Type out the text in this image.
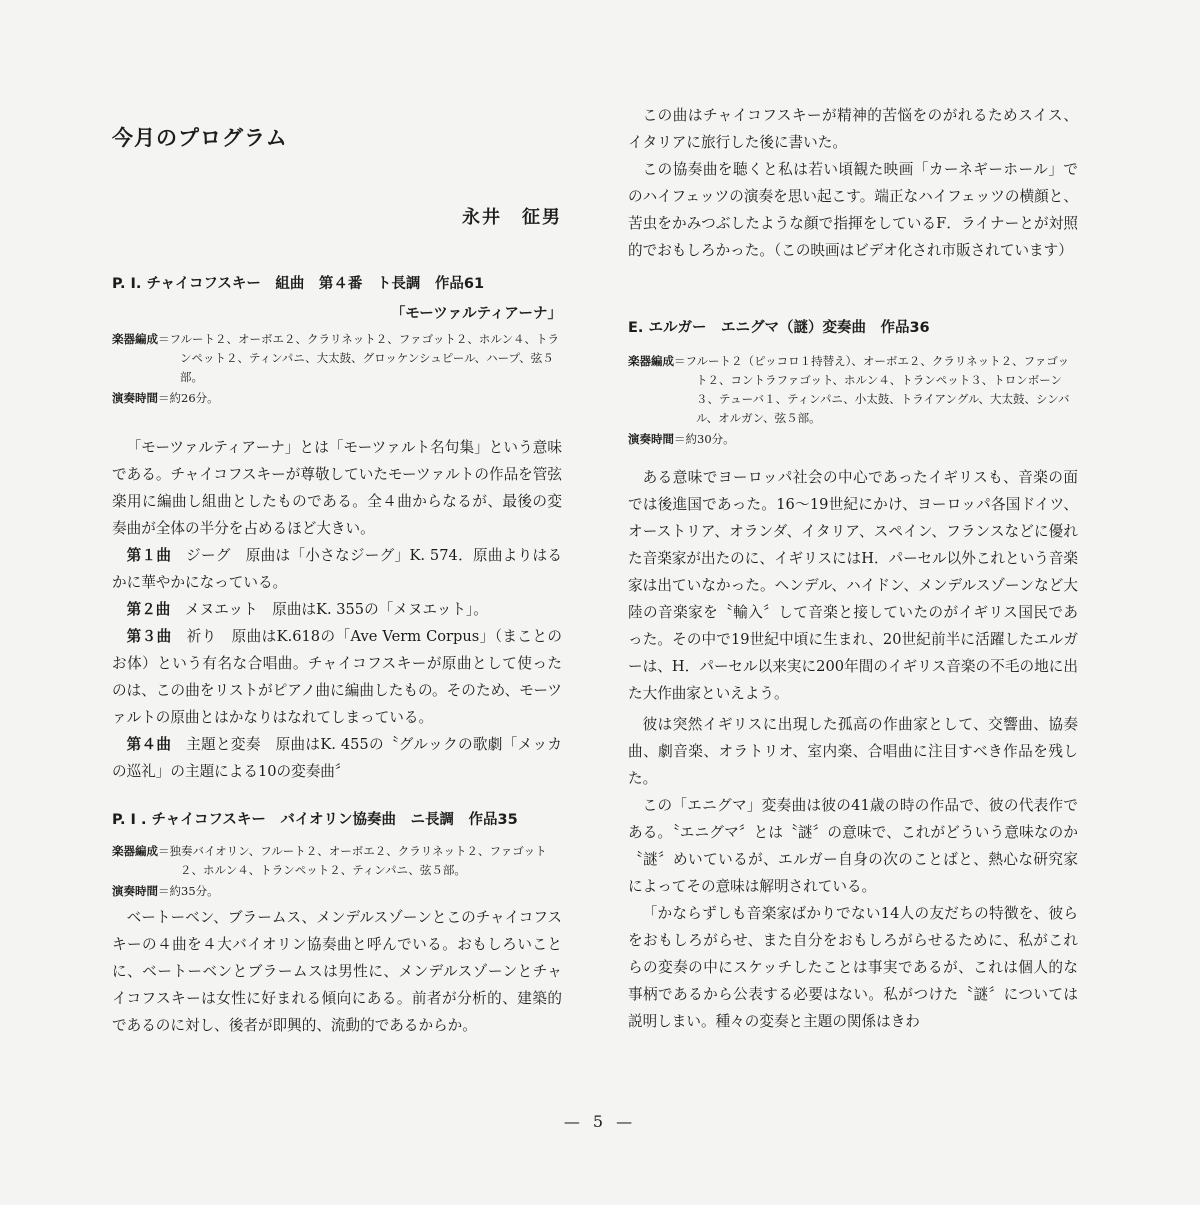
今月のプログラム
永井　征男
P. I. チャイコフスキー　組曲　第４番　ト長調　作品61
「モーツァルティアーナ」
楽器編成＝フルート２、オーボエ２、クラリネット２、ファゴット２、ホルン４、トランペット２、ティンパニ、大太鼓、グロッケンシュピール、ハープ、弦５部。
演奏時間＝約26分。

「モーツァルティアーナ」とは「モーツァルト名句集」という意味である。チャイコフスキーが尊敬していたモーツァルトの作品を管弦楽用に編曲し組曲としたものである。全４曲からなるが、最後の変奏曲が全体の半分を占めるほど大きい。

第１曲　 ジーグ　原曲は「小さなジーグ」K. 574．原曲よりはるかに華やかになっている。

第２曲　 メヌエット　原曲はK. 355の「メヌエット」。

第３曲　 祈り　原曲はK.618の「Ave Verm Corpus」（まことのお体）という有名な合唱曲。チャイコフスキーが原曲として使ったのは、この曲をリストがピアノ曲に編曲したもの。そのため、モーツァルトの原曲とはかなりはなれてしまっている。

第４曲　 主題と変奏　原曲はK. 455の〝グルックの歌劇「メッカの巡礼」の主題による10の変奏曲〞

P. I . チャイコフスキー　バイオリン協奏曲　ニ長調　作品35
楽器編成＝独奏バイオリン、フルート２、オーボエ２、クラリネット２、ファゴット２、ホルン４、トランペット２、ティンパニ、弦５部。
演奏時間＝約35分。

ベートーベン、ブラームス、メンデルスゾーンとこのチャイコフスキーの４曲を４大バイオリン協奏曲と呼んでいる。おもしろいことに、ベートーベンとブラームスは男性に、メンデルスゾーンとチャイコフスキーは女性に好まれる傾向にある。前者が分析的、建築的であるのに対し、後者が即興的、流動的であるからか。

この曲はチャイコフスキーが精神的苦悩をのがれるためスイス、イタリアに旅行した後に書いた。

この協奏曲を聴くと私は若い頃観た映画「カーネギーホール」でのハイフェッツの演奏を思い起こす。端正なハイフェッツの横顔と、苦虫をかみつぶしたような顔で指揮をしているF．ライナーとが対照的でおもしろかった。（この映画はビデオ化され市販されています）

E. エルガー　エニグマ（謎）変奏曲　作品36
楽器編成＝フルート２（ピッコロ１持替え）、オーボエ２、クラリネット２、ファゴット２、コントラファゴット、ホルン４、トランペット３、トロンボーン３、テューバ１、ティンパニ、小太鼓、トライアングル、大太鼓、シンバル、オルガン、弦５部。
演奏時間＝約30分。

ある意味でヨーロッパ社会の中心であったイギリスも、音楽の面では後進国であった。16〜19世紀にかけ、ヨーロッパ各国ドイツ、オーストリア、オランダ、イタリア、スペイン、フランスなどに優れた音楽家が出たのに、イギリスにはH．パーセル以外これという音楽家は出ていなかった。ヘンデル、ハイドン、メンデルスゾーンなど大陸の音楽家を〝輸入〞して音楽と接していたのがイギリス国民であった。その中で19世紀中頃に生まれ、20世紀前半に活躍したエルガーは、H．パーセル以来実に200年間のイギリス音楽の不毛の地に出た大作曲家といえよう。

彼は突然イギリスに出現した孤高の作曲家として、交響曲、協奏曲、劇音楽、オラトリオ、室内楽、合唱曲に注目すべき作品を残した。

この「エニグマ」変奏曲は彼の41歳の時の作品で、彼の代表作である。〝エニグマ〞とは〝謎〞の意味で、これがどういう意味なのか〝謎〞めいているが、エルガー自身の次のことばと、熱心な研究家によってその意味は解明されている。

「かならずしも音楽家ばかりでない14人の友だちの特徴を、彼らをおもしろがらせ、また自分をおもしろがらせるために、私がこれらの変奏の中にスケッチしたことは事実であるが、これは個人的な事柄であるから公表する必要はない。私がつけた〝謎〞については説明しまい。種々の変奏と主題の関係はきわ

— 5 —
